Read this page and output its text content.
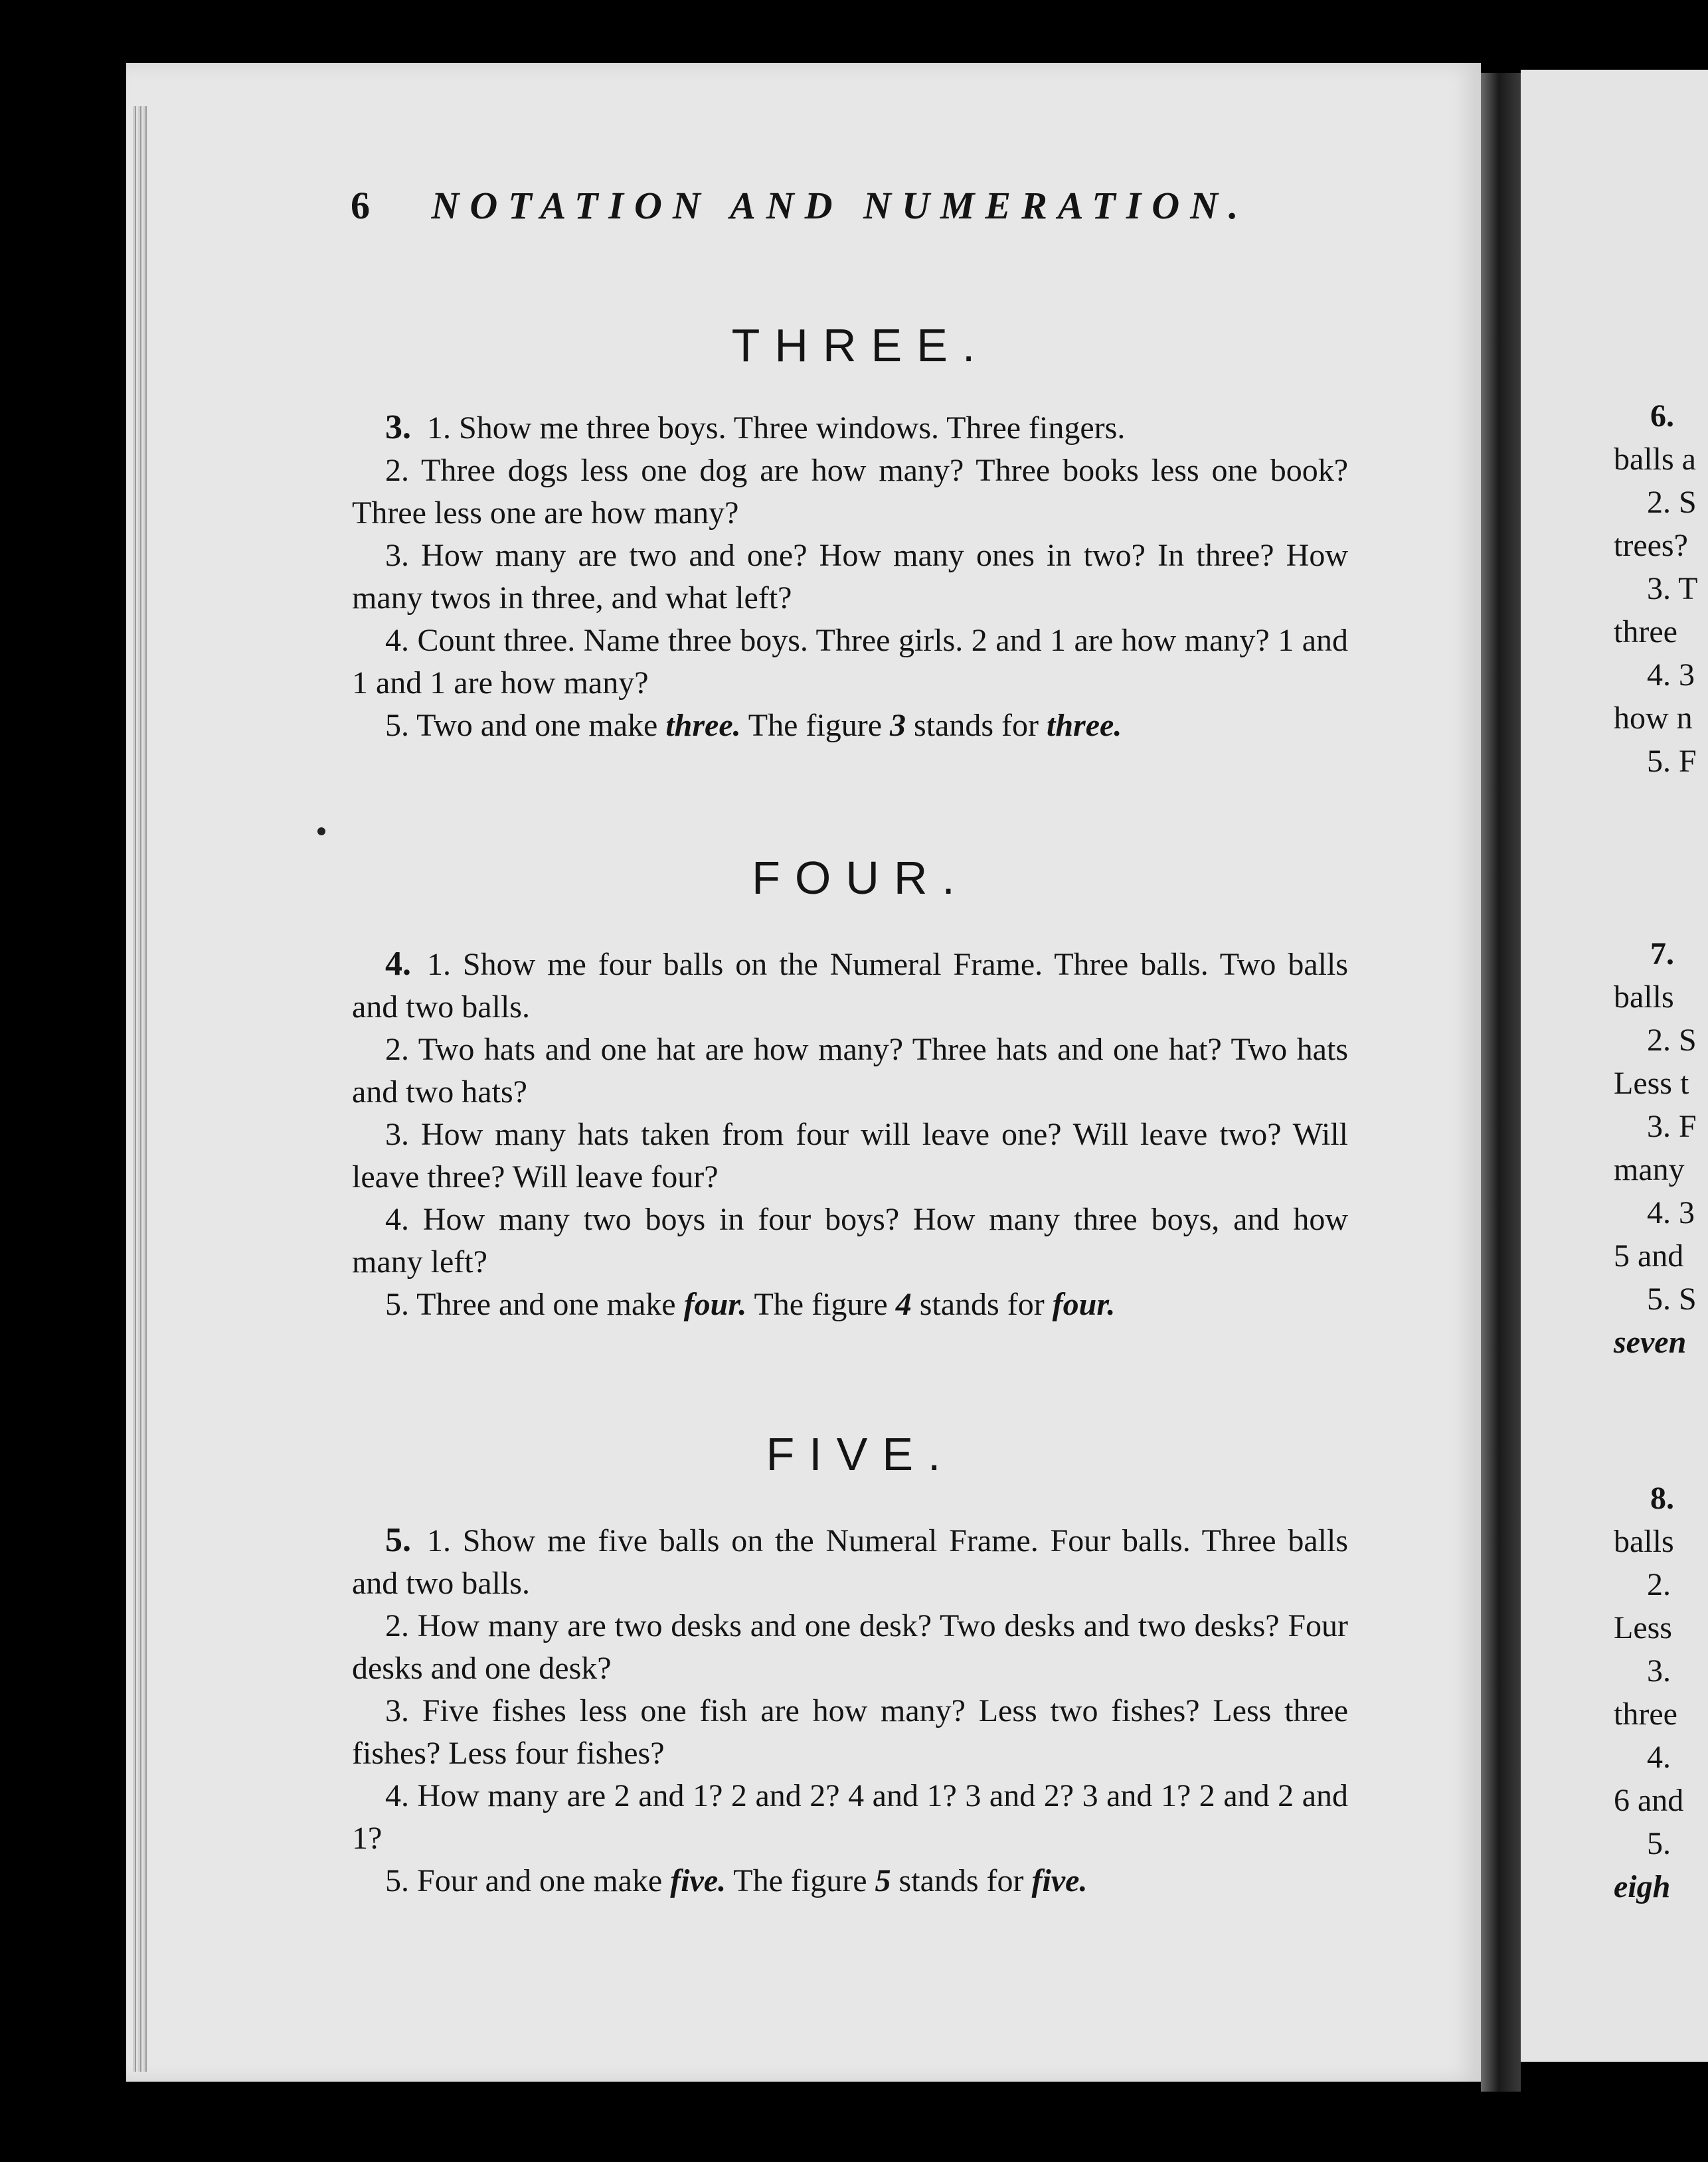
6 NOTATION AND NUMERATION.
THREE.

3. 1. Show me three boys. Three windows. Three fingers.

2. Three dogs less one dog are how many? Three books less one book? Three less one are how many?

3. How many are two and one? How many ones in two? In three? How many twos in three, and what left?

4. Count three. Name three boys. Three girls. 2 and 1 are how many? 1 and 1 and 1 are how many?

5. Two and one make three. The figure 3 stands for three.

FOUR.

4. 1. Show me four balls on the Numeral Frame. Three balls. Two balls and two balls.

2. Two hats and one hat are how many? Three hats and one hat? Two hats and two hats?

3. How many hats taken from four will leave one? Will leave two? Will leave three? Will leave four?

4. How many two boys in four boys? How many three boys, and how many left?

5. Three and one make four. The figure 4 stands for four.

FIVE.

5. 1. Show me five balls on the Numeral Frame. Four balls. Three balls and two balls.

2. How many are two desks and one desk? Two desks and two desks? Four desks and one desk?

3. Five fishes less one fish are how many? Less two fishes? Less three fishes? Less four fishes?

4. How many are 2 and 1? 2 and 2? 4 and 1? 3 and 2? 3 and 1? 2 and 2 and 1?

5. Four and one make five. The figure 5 stands for five.

6.
balls a
2. S
trees?
3. T
three
4. 3
how n
5. F
7.
balls
2. S
Less t
3. F
many
4. 3
5 and
5. S
seven
8.
balls
2.
Less
3.
three
4.
6 and
5.
eigh
